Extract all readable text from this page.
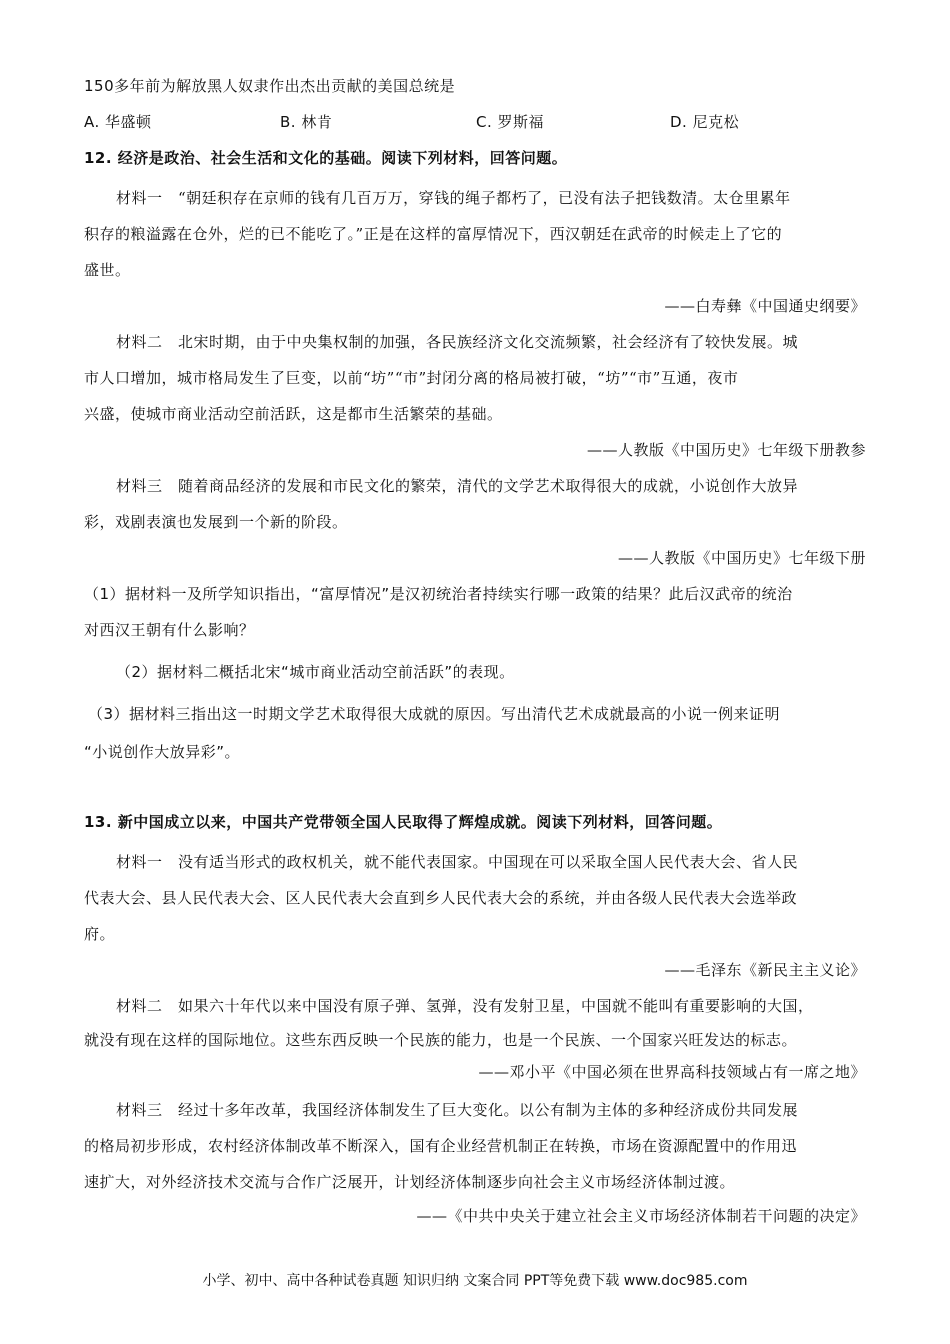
150多年前为解放黑人奴隶作出杰出贡献的美国总统是
A. 华盛顿	B. 林肯	C. 罗斯福	D. 尼克松
12. 经济是政治、社会生活和文化的基础。阅读下列材料，回答问题。
材料一　“朝廷积存在京师的钱有几百万万，穿钱的绳子都朽了，已没有法子把钱数清。太仓里累年
积存的粮溢露在仓外，烂的已不能吃了。”正是在这样的富厚情况下，西汉朝廷在武帝的时候走上了它的
盛世。
——白寿彝《中国通史纲要》
材料二　北宋时期，由于中央集权制的加强，各民族经济文化交流频繁，社会经济有了较快发展。城
市人口增加，城市格局发生了巨变，以前“坊”“市”封闭分离的格局被打破，“坊”“市”互通，夜市
兴盛，使城市商业活动空前活跃，这是都市生活繁荣的基础。
——人教版《中国历史》七年级下册教参
材料三　随着商品经济的发展和市民文化的繁荣，清代的文学艺术取得很大的成就，小说创作大放异
彩，戏剧表演也发展到一个新的阶段。
——人教版《中国历史》七年级下册
（1）据材料一及所学知识指出，“富厚情况”是汉初统治者持续实行哪一政策的结果？此后汉武帝的统治
对西汉王朝有什么影响？
（2）据材料二概括北宋“城市商业活动空前活跃”的表现。
（3）据材料三指出这一时期文学艺术取得很大成就的原因。写出清代艺术成就最高的小说一例来证明
“小说创作大放异彩”。
13. 新中国成立以来，中国共产党带领全国人民取得了辉煌成就。阅读下列材料，回答问题。
材料一　没有适当形式的政权机关，就不能代表国家。中国现在可以采取全国人民代表大会、省人民
代表大会、县人民代表大会、区人民代表大会直到乡人民代表大会的系统，并由各级人民代表大会选举政
府。
——毛泽东《新民主主义论》
材料二　如果六十年代以来中国没有原子弹、氢弹，没有发射卫星，中国就不能叫有重要影响的大国，
就没有现在这样的国际地位。这些东西反映一个民族的能力，也是一个民族、一个国家兴旺发达的标志。
——邓小平《中国必须在世界高科技领域占有一席之地》
材料三　经过十多年改革，我国经济体制发生了巨大变化。以公有制为主体的多种经济成份共同发展
的格局初步形成，农村经济体制改革不断深入，国有企业经营机制正在转换，市场在资源配置中的作用迅
速扩大，对外经济技术交流与合作广泛展开，计划经济体制逐步向社会主义市场经济体制过渡。
——《中共中央关于建立社会主义市场经济体制若干问题的决定》
小学、初中、高中各种试卷真题 知识归纳 文案合同 PPT等免费下载 www.doc985.com
